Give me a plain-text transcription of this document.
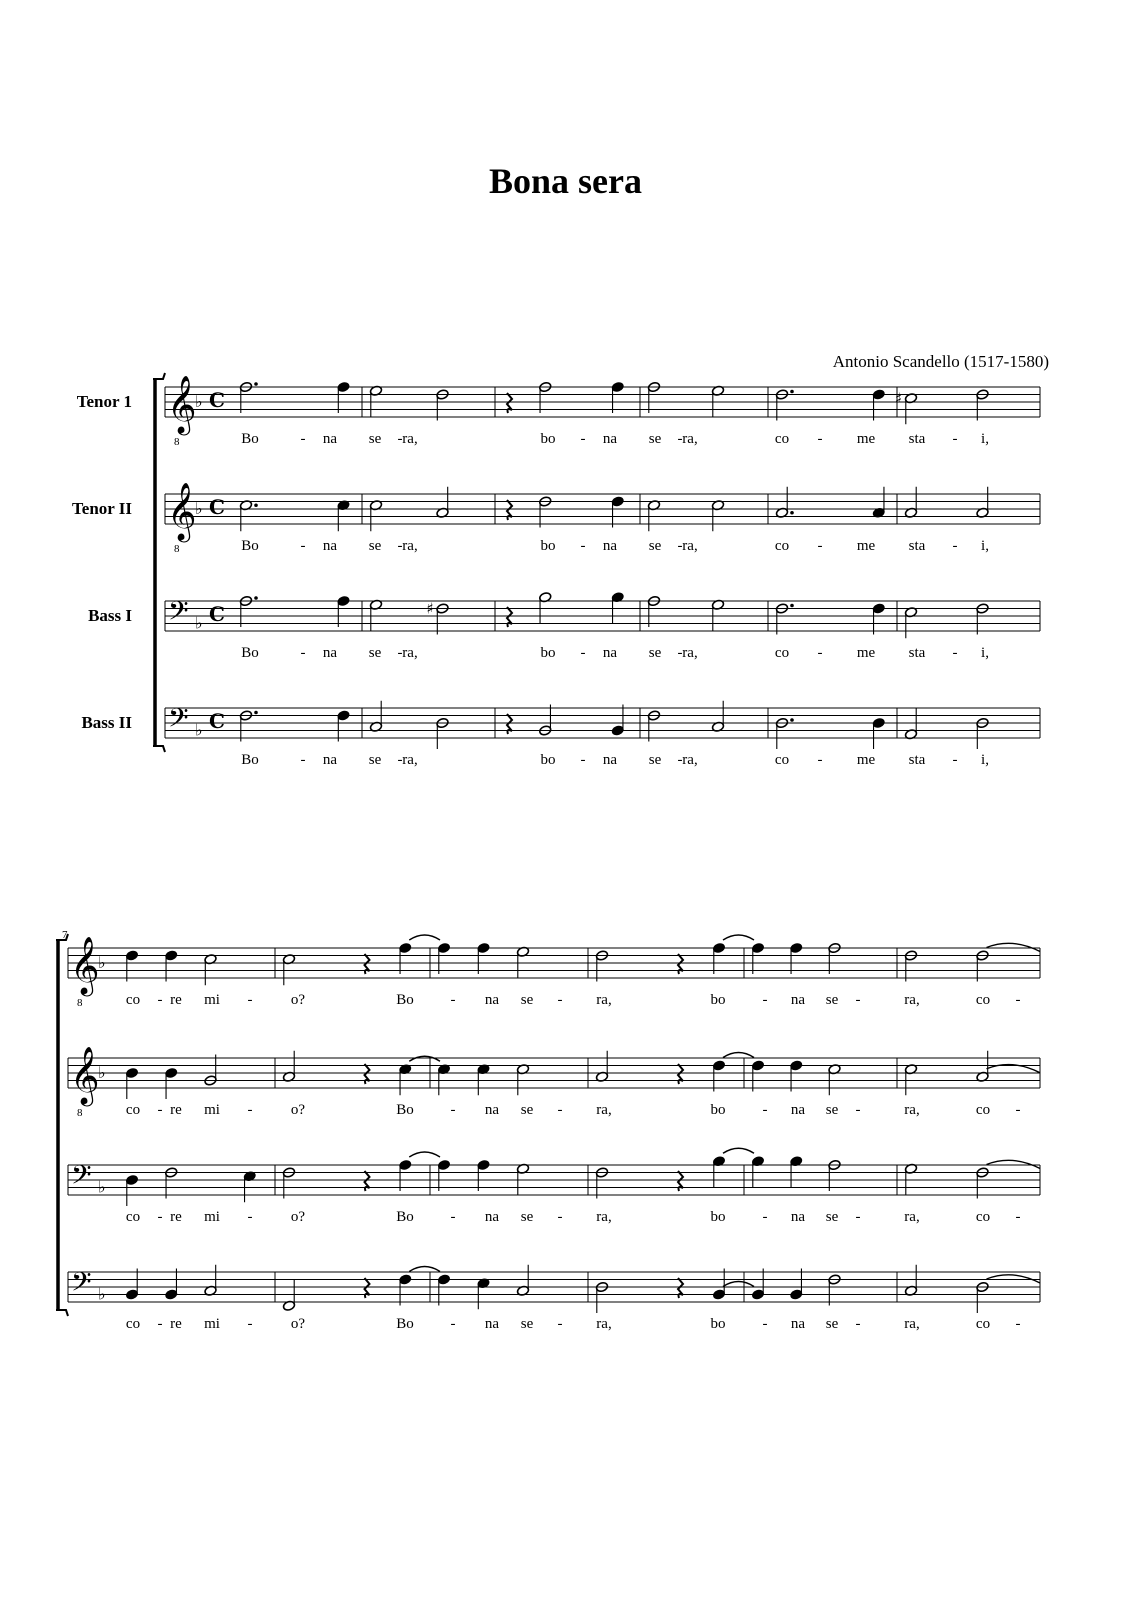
Bona sera
Antonio Scandello (1517-1580)
Tenor 1 𝄞
8
♭ C	♯
Bo	- na se - ra,	bo - na se - ra,	co - me sta - i,
Tenor II 𝄞
8
♭ C
Bo	- na se - ra,	bo - na se - ra,	co - me sta - i,
Bass I 𝄢 ♭ C	♯
Bo	- na se - ra,	bo - na se - ra,	co - me sta - i,
Bass II 𝄢 ♭ C
Bo	- na se - ra,	bo - na se - ra,	co - me sta - i,
7
𝄞
8
♭
co - re mi -	o?	Bo - na se - ra,	bo - na se -	ra,	co -
𝄞
8
♭
co - re mi -	o?	Bo - na se - ra,	bo - na se -	ra,	co -
𝄢 ♭
co - re mi -	o?	Bo - na se - ra,	bo - na se -	ra,	co -
𝄢 ♭
co - re mi -	o?	Bo - na se - ra,	bo - na se -	ra,	co -
